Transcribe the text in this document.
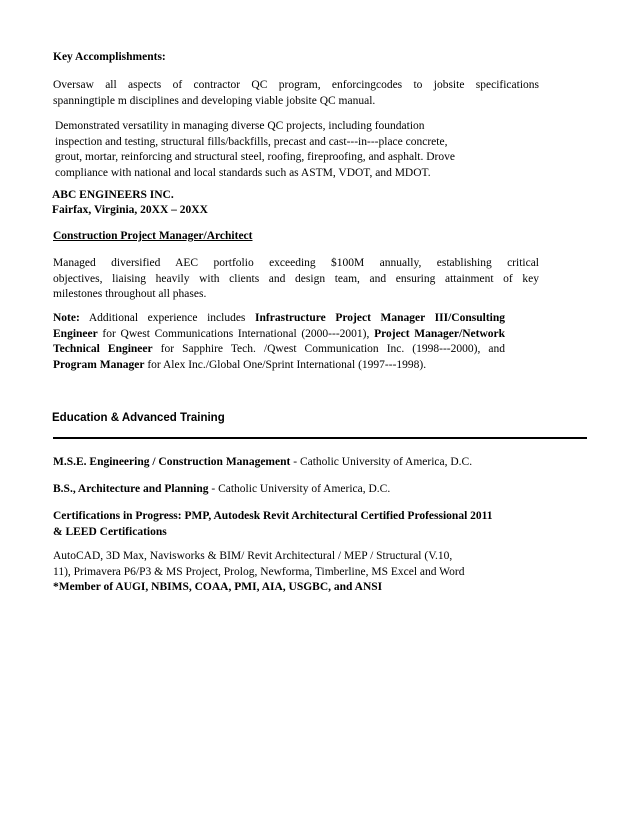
Key Accomplishments:
Oversaw all aspects of contractor QC program, enforcingcodes to jobsite specifications
spanningtiple m disciplines and developing viable jobsite QC manual.
Demonstrated versatility in managing diverse QC projects, including foundation
inspection and testing, structural fills/backfills, precast and cast-‐-in-‐-place concrete,
grout, mortar, reinforcing and structural steel, roofing, fireproofing, and asphalt. Drove
compliance with national and local standards such as ASTM, VDOT, and MDOT.
ABC ENGINEERS INC.
Fairfax, Virginia, 20XX – 20XX
Construction Project Manager/Architect
Managed diversified AEC portfolio exceeding $100M annually, establishing critical
objectives, liaising heavily with clients and design team, and ensuring attainment of key
milestones throughout all phases.
Note: Additional experience includes Infrastructure Project Manager III/Consulting Engineer for Qwest Communications International (2000-‐-2001), Project Manager/Network Technical Engineer for Sapphire Tech. /Qwest Communication Inc. (1998-‐-2000), and Program Manager for Alex Inc./Global One/Sprint International (1997-‐-1998).
Education & Advanced Training
M.S.E. Engineering / Construction Management - Catholic University of America, D.C.
B.S., Architecture and Planning - Catholic University of America, D.C.
Certifications in Progress: PMP, Autodesk Revit Architectural Certified Professional 2011
& LEED Certifications
AutoCAD, 3D Max, Navisworks & BIM/ Revit Architectural / MEP / Structural (V.10,
11), Primavera P6/P3 & MS Project, Prolog, Newforma, Timberline, MS Excel and Word
*Member of AUGI, NBIMS, COAA, PMI, AIA, USGBC, and ANSI
